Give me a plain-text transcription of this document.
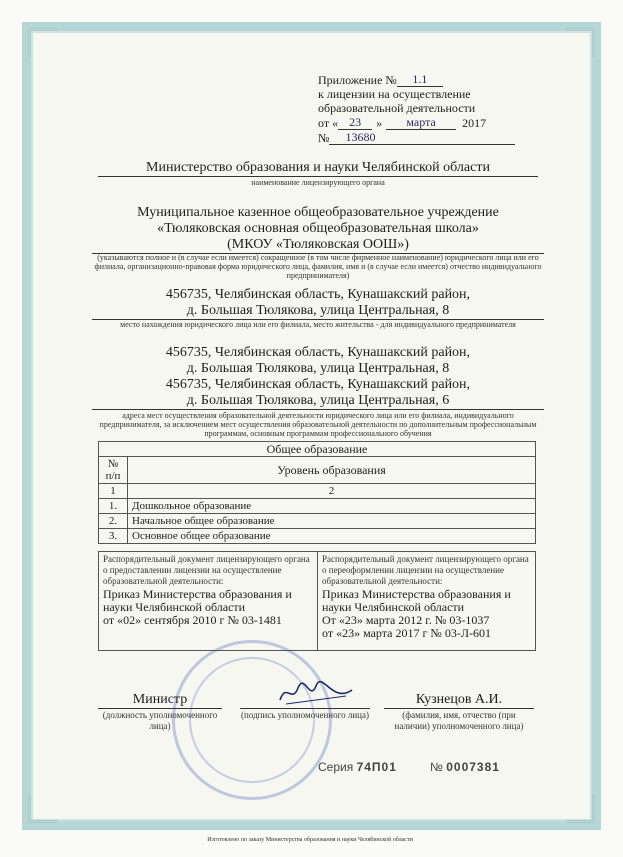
Приложение №	1.1
к лицензии на осуществление
образовательной деятельности
от « 23	»	марта	2017
№	13680
Министерство образования и науки Челябинской области
наименование лицензирующего органа
Муниципальное казенное общеобразовательное учреждение
«Тюляковская основная общеобразовательная школа»
(МКОУ «Тюляковская ООШ»)
(указываются полное и (в случае если имеется) сокращенное (в том числе фирменное наименование) юридического лица или его филиала, организационно-правовая форма юридического лица, фамилия, имя и (в случае если имеется) отчество индивидуального предпринимателя)
456735, Челябинская область, Кунашакский район,
д. Большая Тюлякова, улица Центральная, 8
место нахождения юридического лица или его филиала, место жительства - для индивидуального предпринимателя
456735, Челябинская область, Кунашакский район,
д. Большая Тюлякова, улица Центральная, 8
456735, Челябинская область, Кунашакский район,
д. Большая Тюлякова, улица Центральная, 6
адреса мест осуществления образовательной деятельности юридического лица или его филиала, индивидуального предпринимателя, за исключением мест осуществления образовательной деятельности по дополнительным профессиональным программам, основным программам профессионального обучения
Общее образование	

№
п/п	Уровень образования
1	2
1.	Дошкольное образование
2.	Начальное общее образование
3.	Основное общее образование
Распорядительный документ лицензирующего органа о предоставлении лицензии на осуществление образовательной деятельности:
Приказ Министерства образования и
науки Челябинской области
от «02» сентября 2010 г № 03-1481
Распорядительный документ лицензирующего органа о переоформлении лицензии на осуществление образовательной деятельности:
Приказ Министерства образования и
науки Челябинской области
От «23» марта 2012 г. № 03-1037
от «23» марта 2017 г № 03-Л-601
Министр
(должность уполномоченного лица)
(подпись уполномоченного лица)
Кузнецов А.И.
(фамилия, имя, отчество (при наличии) уполномоченного лица)
Серия 74П01	№ 0007381
Изготовлено по заказу Министерства образования и науки Челябинской области
